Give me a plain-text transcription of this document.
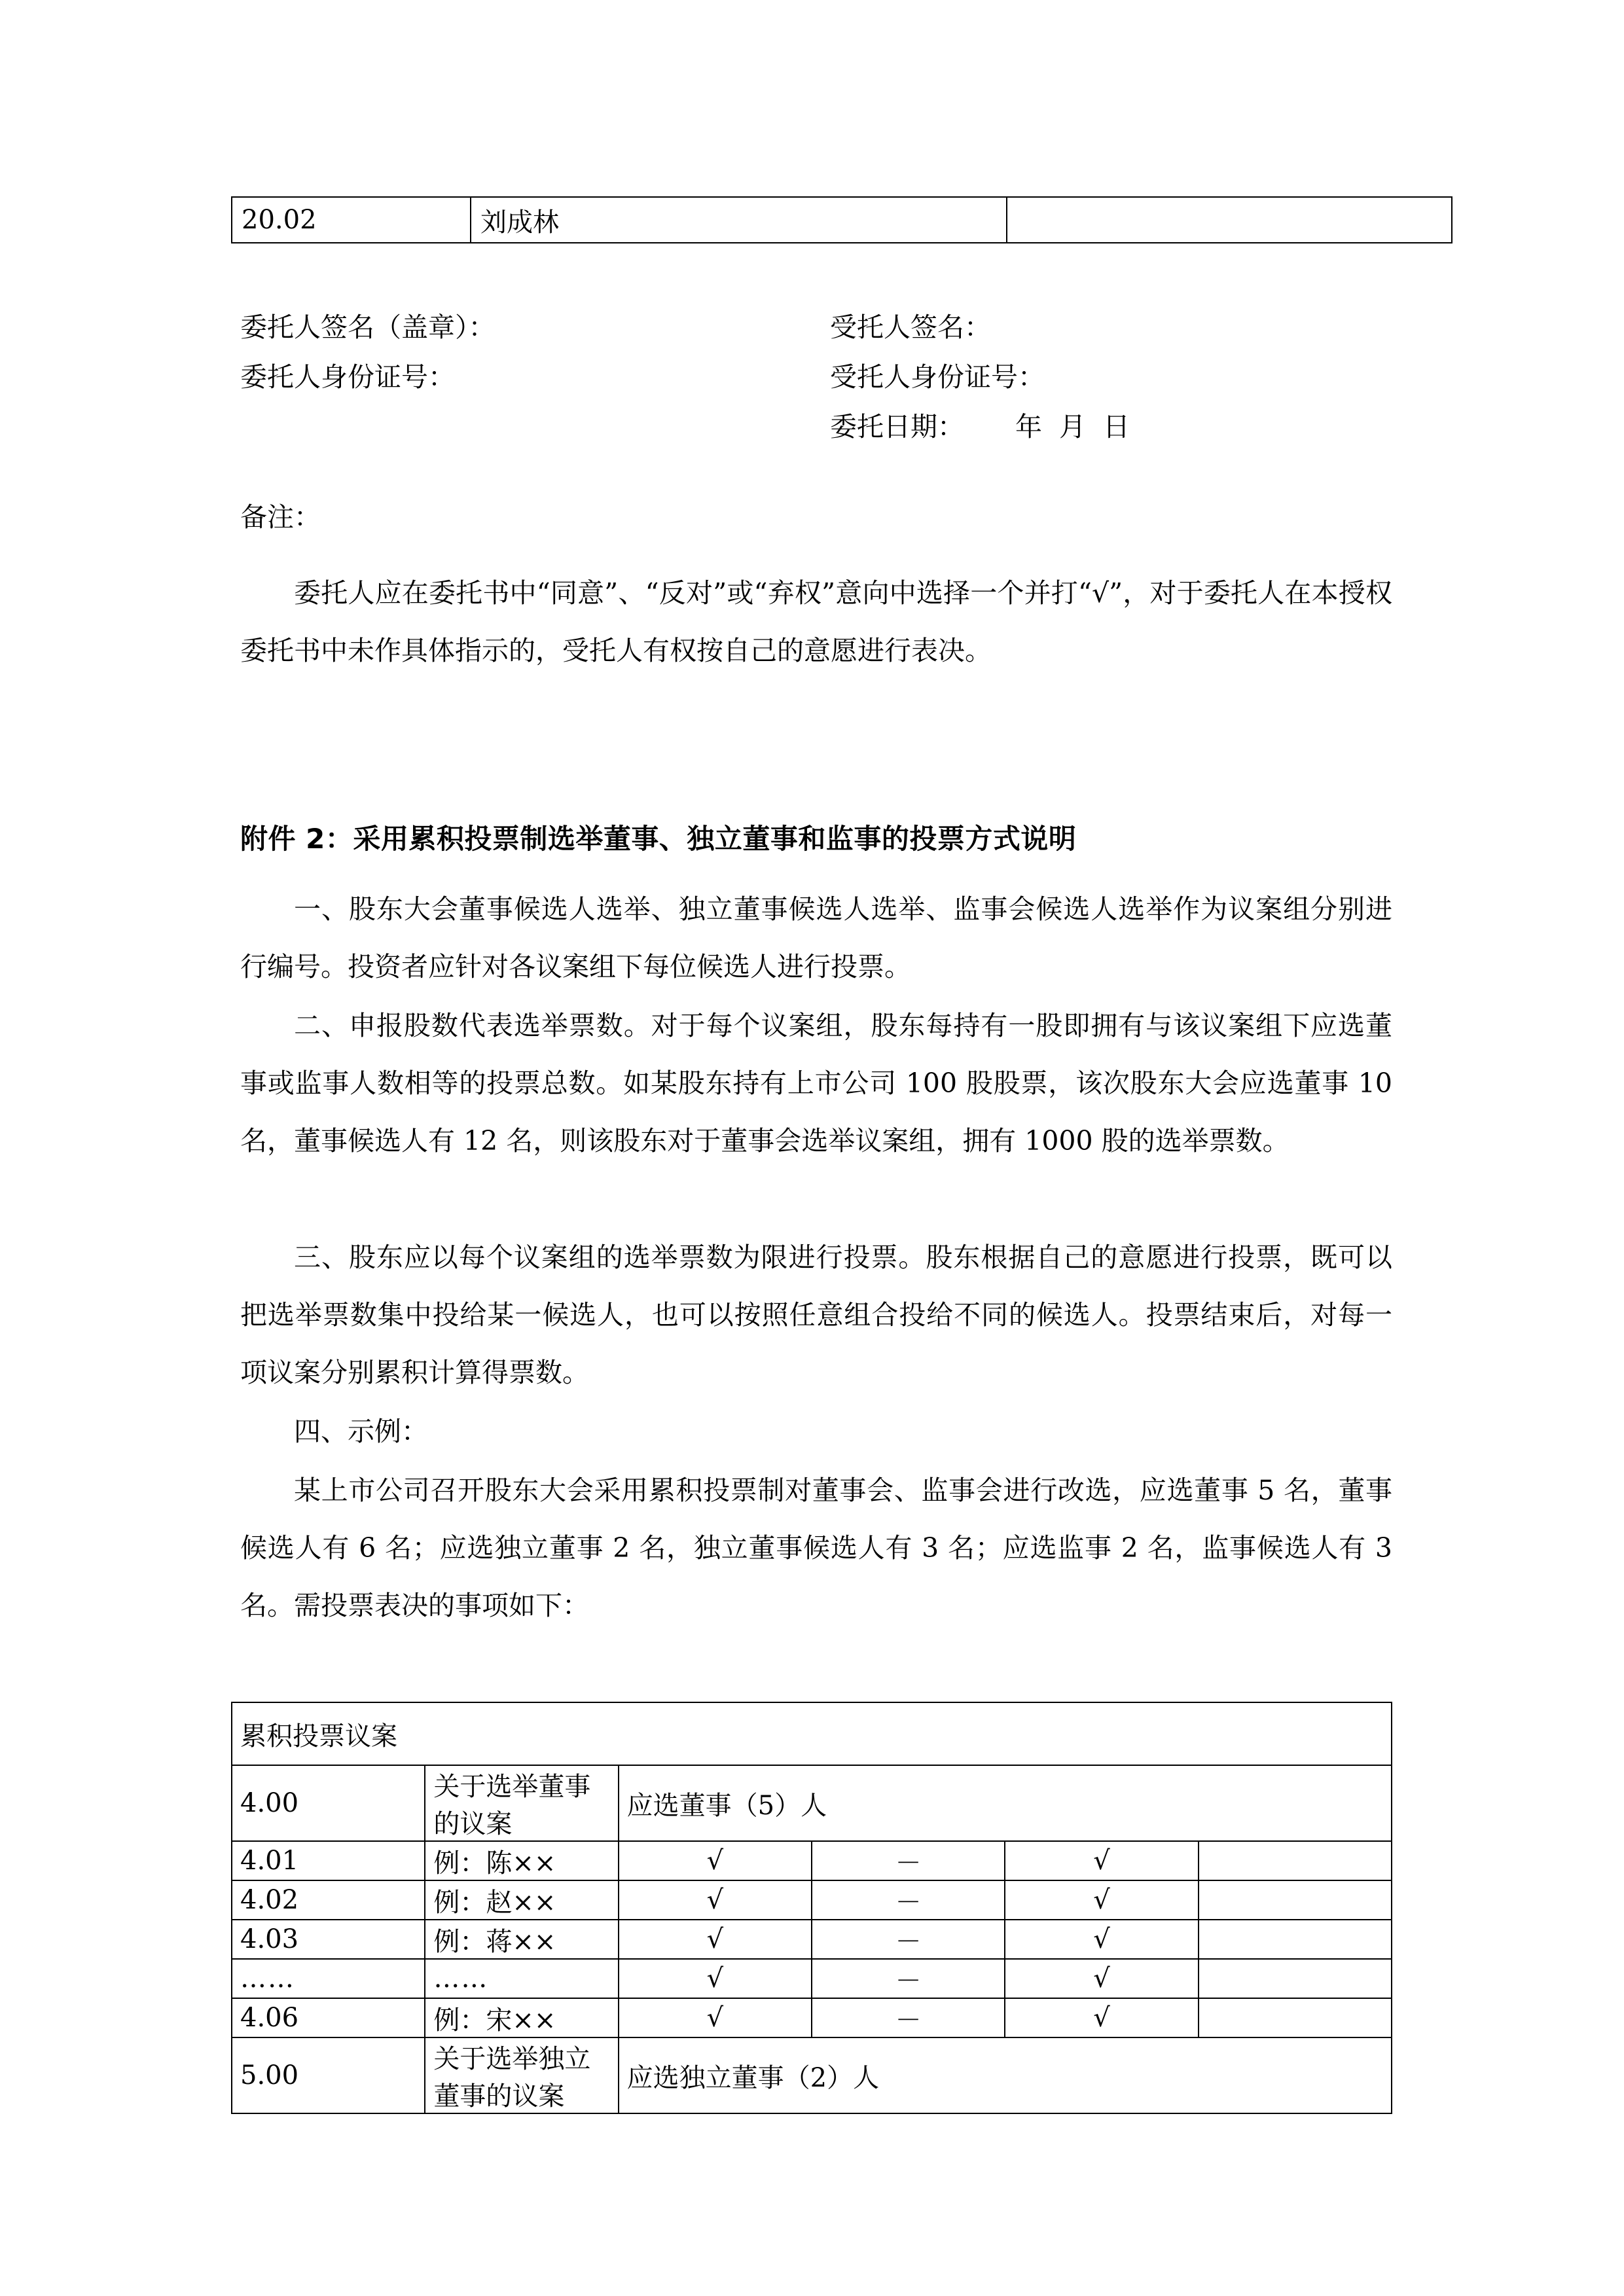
20.02	刘成林	
委托人签名（盖章）：	受托人签名：
委托人身份证号：	受托人身份证号：
委托日期： 年 月 日
备注：
委托人应在委托书中“同意”、“反对”或“弃权”意向中选择一个并打“√”，对于委托人在本授权委托书中未作具体指示的，受托人有权按自己的意愿进行表决。
附件 2：采用累积投票制选举董事、独立董事和监事的投票方式说明
一、股东大会董事候选人选举、独立董事候选人选举、监事会候选人选举作为议案组分别进行编号。投资者应针对各议案组下每位候选人进行投票。
二、申报股数代表选举票数。对于每个议案组，股东每持有一股即拥有与该议案组下应选董事或监事人数相等的投票总数。如某股东持有上市公司 100 股股票，该次股东大会应选董事 10 名，董事候选人有 12 名，则该股东对于董事会选举议案组，拥有 1000 股的选举票数。
三、股东应以每个议案组的选举票数为限进行投票。股东根据自己的意愿进行投票，既可以把选举票数集中投给某一候选人，也可以按照任意组合投给不同的候选人。投票结束后，对每一项议案分别累积计算得票数。
四、示例：
某上市公司召开股东大会采用累积投票制对董事会、监事会进行改选，应选董事 5 名，董事候选人有 6 名；应选独立董事 2 名，独立董事候选人有 3 名；应选监事 2 名，监事候选人有 3 名。需投票表决的事项如下：
累积投票议案					
4.00	关于选举董事的议案	应选董事（5）人			
4.01	例：陈××	√	－	√	
4.02	例：赵××	√	－	√	
4.03	例：蒋××	√	－	√	
……	……	√	－	√	
4.06	例：宋××	√	－	√	
5.00	关于选举独立董事的议案	应选独立董事（2）人			
